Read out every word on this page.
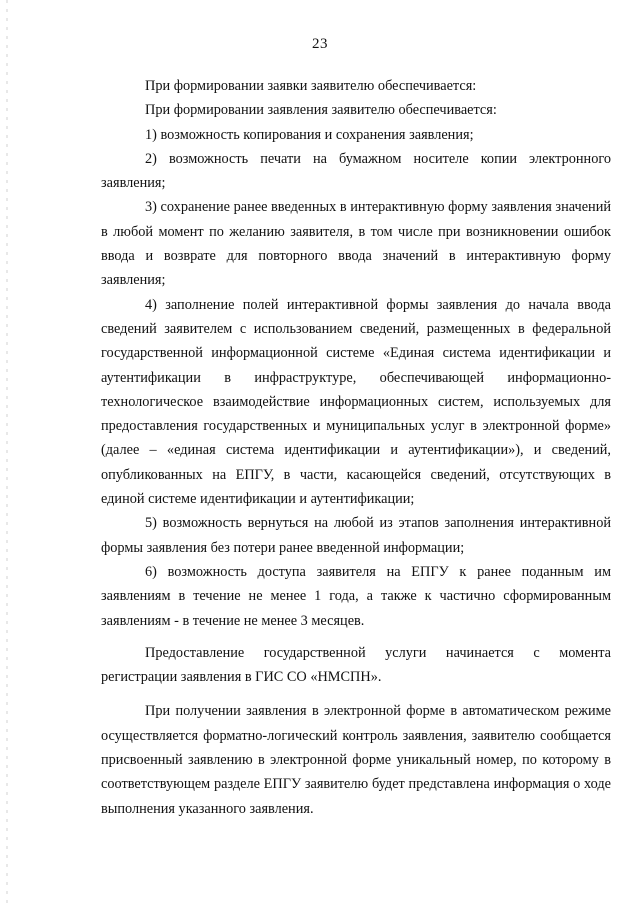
23

При формировании заявки заявителю обеспечивается:

При формировании заявления заявителю обеспечивается:

1) возможность копирования и сохранения заявления;

2) возможность печати на бумажном носителе копии электронного заявления;

3) сохранение ранее введенных в интерактивную форму заявления значений в любой момент по желанию заявителя, в том числе при возникновении ошибок ввода и возврате для повторного ввода значений в интерактивную форму заявления;

4) заполнение полей интерактивной формы заявления до начала ввода сведений заявителем с использованием сведений, размещенных в федеральной государственной информационной системе «Единая система идентификации и аутентификации в инфраструктуре, обеспечивающей информационно-технологическое взаимодействие информационных систем, используемых для предоставления государственных и муниципальных услуг в электронной форме» (далее – «единая система идентификации и аутентификации»), и сведений, опубликованных на ЕПГУ, в части, касающейся сведений, отсутствующих в единой системе идентификации и аутентификации;

5) возможность вернуться на любой из этапов заполнения интерактивной формы заявления без потери ранее введенной информации;

6) возможность доступа заявителя на ЕПГУ к ранее поданным им заявлениям в течение не менее 1 года, а также к частично сформированным заявлениям - в течение не менее 3 месяцев.

Предоставление государственной услуги начинается с момента регистрации заявления в ГИС СО «НМСПН».

При получении заявления в электронной форме в автоматическом режиме осуществляется форматно-логический контроль заявления, заявителю сообщается присвоенный заявлению в электронной форме уникальный номер, по которому в соответствующем разделе ЕПГУ заявителю будет представлена информация о ходе выполнения указанного заявления.
